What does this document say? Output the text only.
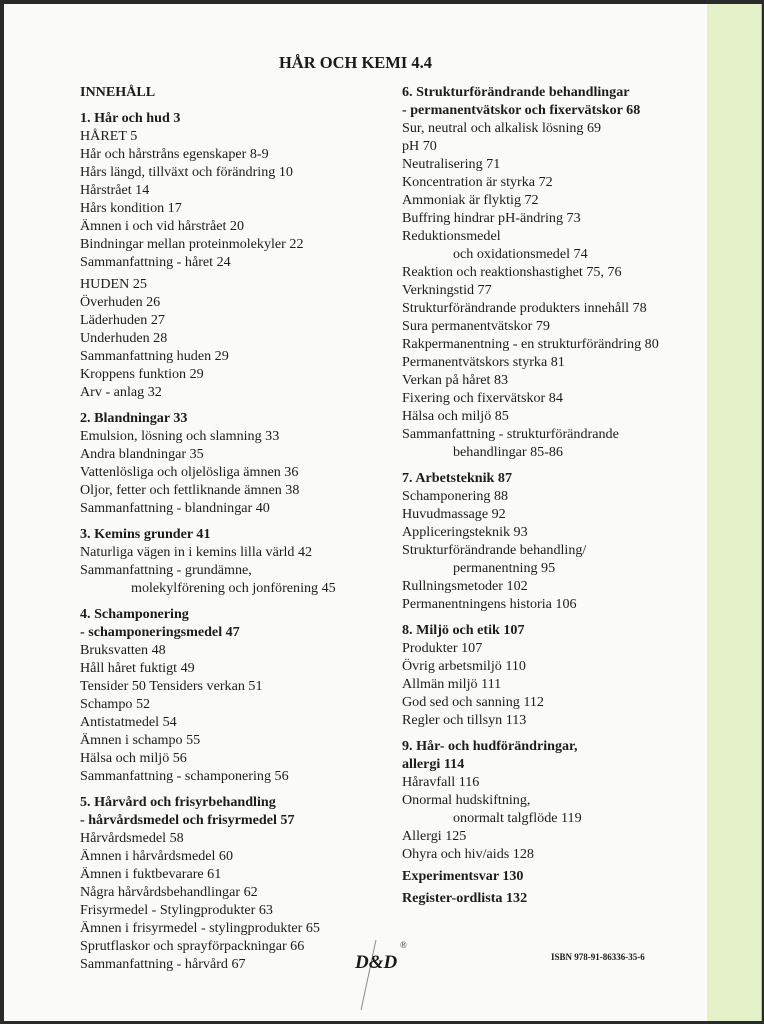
HÅR OCH KEMI 4.4
INNEHÅLL
1. Hår och hud 3
HÅRET 5
Hår och hårstråns egenskaper 8-9
Hårs längd, tillväxt och förändring 10
Hårstrået 14
Hårs kondition 17
Ämnen i och vid hårstrået 20
Bindningar mellan proteinmolekyler 22
Sammanfattning - håret 24
HUDEN 25
Överhuden 26
Läderhuden 27
Underhuden 28
Sammanfattning huden 29
Kroppens funktion 29
Arv - anlag 32
2. Blandningar 33
Emulsion, lösning och slamning 33
Andra blandningar 35
Vattenlösliga och oljelösliga ämnen 36
Oljor, fetter och fettliknande ämnen 38
Sammanfattning - blandningar 40
3. Kemins grunder 41
Naturliga vägen in i kemins lilla värld 42
Sammanfattning - grundämne,
molekylförening och jonförening 45
4. Schamponering
- schamponeringsmedel 47
Bruksvatten 48
Håll håret fuktigt 49
Tensider 50 Tensiders verkan 51
Schampo 52
Antistatmedel 54
Ämnen i schampo 55
Hälsa och miljö 56
Sammanfattning - schamponering 56
5. Hårvård och frisyrbehandling
- hårvårdsmedel och frisyrmedel 57
Hårvårdsmedel 58
Ämnen i hårvårdsmedel 60
Ämnen i fuktbevarare 61
Några hårvårdsbehandlingar 62
Frisyrmedel - Stylingprodukter 63
Ämnen i frisyrmedel - stylingprodukter 65
Sprutflaskor och sprayförpackningar 66
Sammanfattning - hårvård 67
6. Strukturförändrande behandlingar
- permanentvätskor och fixervätskor 68
Sur, neutral och alkalisk lösning 69
pH 70
Neutralisering 71
Koncentration är styrka 72
Ammoniak är flyktig 72
Buffring hindrar pH-ändring 73
Reduktionsmedel
och oxidationsmedel 74
Reaktion och reaktionshastighet 75, 76
Verkningstid 77
Strukturförändrande produkters innehåll 78
Sura permanentvätskor 79
Rakpermanentning - en strukturförändring 80
Permanentvätskors styrka 81
Verkan på håret 83
Fixering och fixervätskor 84
Hälsa och miljö 85
Sammanfattning - strukturförändrande
behandlingar 85-86
7. Arbetsteknik 87
Schamponering 88
Huvudmassage 92
Appliceringsteknik 93
Strukturförändrande behandling/
permanentning 95
Rullningsmetoder 102
Permanentningens historia 106
8. Miljö och etik 107
Produkter 107
Övrig arbetsmiljö 110
Allmän miljö 111
God sed och sanning 112
Regler och tillsyn 113
9. Hår- och hudförändringar,
allergi 114
Håravfall 116
Onormal hudskiftning,
onormalt talgflöde 119
Allergi 125
Ohyra och hiv/aids 128
Experimentsvar 130
Register-ordlista 132
D&D
®
ISBN 978-91-86336-35-6
